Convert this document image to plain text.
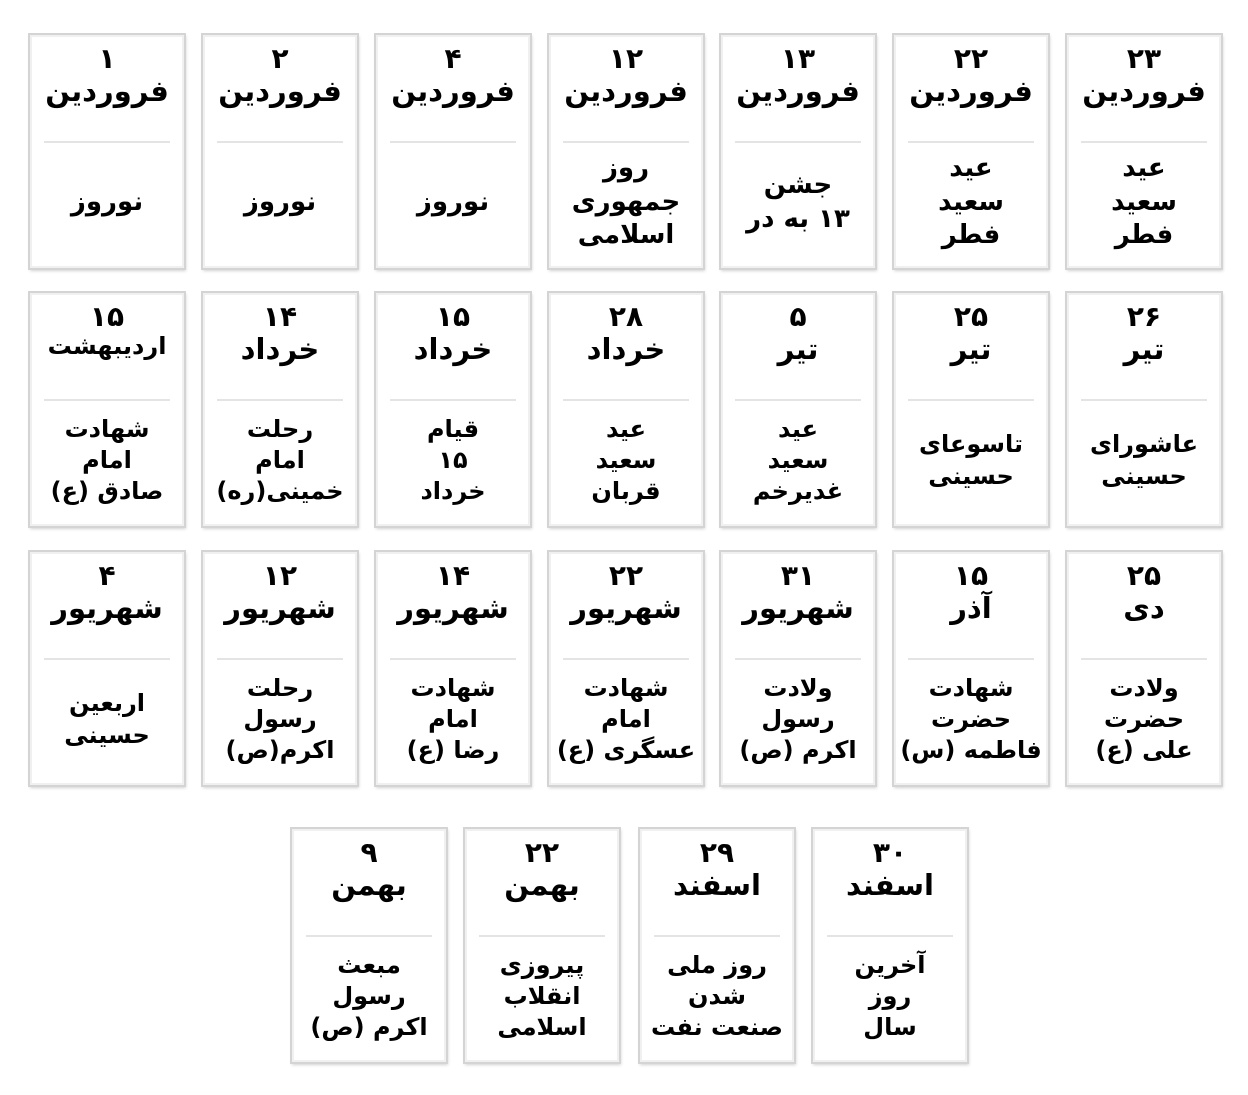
۲۳
فروردین
عید
سعید
فطر
۲۲
فروردین
عید
سعید
فطر
۱۳
فروردین
جشن
۱۳ به در
۱۲
فروردین
روز
جمهوری
اسلامی
۴
فروردین
نوروز
۲
فروردین
نوروز
۱
فروردین
نوروز
۲۶
تیر
عاشورای
حسینی
۲۵
تیر
تاسوعای
حسینی
۵
تیر
عید
سعید
غدیرخم
۲۸
خرداد
عید
سعید
قربان
۱۵
خرداد
قیام
۱۵
خرداد
۱۴
خرداد
رحلت
امام
خمینی(ره)
۱۵
اردیبهشت
شهادت
امام
صادق (ع)
۲۵
دی
ولادت
حضرت
علی (ع)
۱۵
آذر
شهادت
حضرت
فاطمه (س)
۳۱
شهریور
ولادت
رسول
اکرم (ص)
۲۲
شهریور
شهادت
امام
عسگری (ع)
۱۴
شهریور
شهادت
امام
رضا (ع)
۱۲
شهریور
رحلت
رسول
اکرم(ص)
۴
شهریور
اربعین
حسینی
۳۰
اسفند
آخرین
روز
سال
۲۹
اسفند
روز ملی
شدن
صنعت نفت
۲۲
بهمن
پیروزی
انقلاب
اسلامی
۹
بهمن
مبعث
رسول
اکرم (ص)
